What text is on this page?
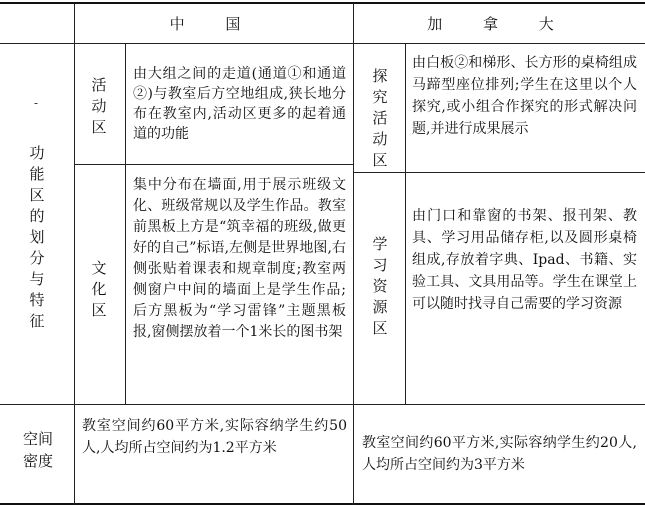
中 国	加 拿 大
-
功能区的划分与特征
活动区
由大组之间的走道(通道①和通道②)与教室后方空地组成,狭长地分布在教室内,活动区更多的起着通道的功能
文化区
集中分布在墙面,用于展示班级文化、班级常规以及学生作品。教室前黑板上方是“筑幸福的班级,做更好的自己”标语,左侧是世界地图,右侧张贴着课表和规章制度;教室两侧窗户中间的墙面上是学生作品;后方黑板为“学习雷锋”主题黑板报,窗侧摆放着一个1米长的图书架
探究活动区
由白板②和梯形、长方形的桌椅组成马蹄型座位排列;学生在这里以个人探究,或小组合作探究的形式解决问题,并进行成果展示
学习资源区
由门口和靠窗的书架、报刊架、教具、学习用品储存柜,以及圆形桌椅组成,存放着字典、Ipad、书籍、实验工具、文具用品等。学生在课堂上可以随时找寻自己需要的学习资源
空间
密度
教室空间约60平方米,实际容纳学生约50人,人均所占空间约为1.2平方米	教室空间约60平方米,实际容纳学生约20人,人均所占空间约为3平方米
